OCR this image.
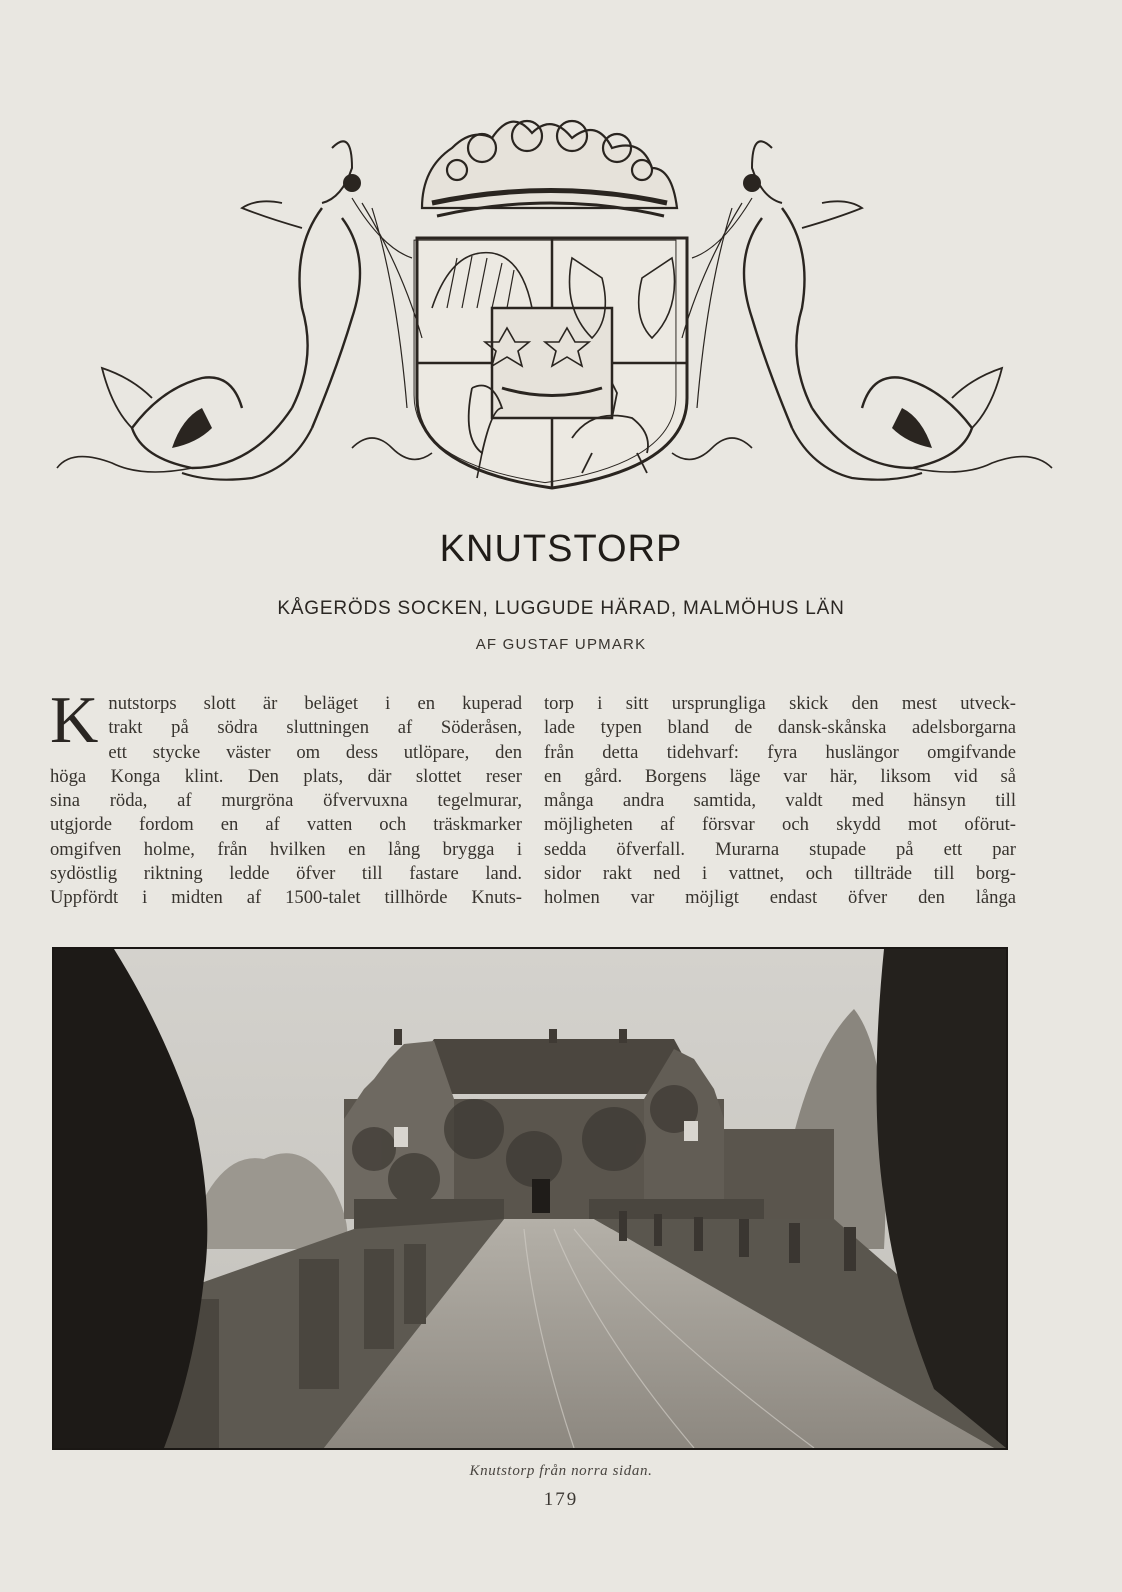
KNUTSTORP
KÅGERÖDS SOCKEN, LUGGUDE HÄRAD, MALMÖHUS LÄN
AF GUSTAF UPMARK
K nutstorps slott är beläget i en kuperad
trakt på södra sluttningen af Söderåsen,
ett stycke väster om dess utlöpare, den
höga Konga klint. Den plats, där slottet reser
sina röda, af murgröna öfvervuxna tegelmurar,
utgjorde fordom en af vatten och träskmarker
omgifven holme, från hvilken en lång brygga i
sydöstlig riktning ledde öfver till fastare land.
Uppfördt i midten af 1500-talet tillhörde Knuts-
torp i sitt ursprungliga skick den mest utveck-
lade typen bland de dansk-skånska adelsborgarna
från detta tidehvarf: fyra huslängor omgifvande
en gård. Borgens läge var här, liksom vid så
många andra samtida, valdt med hänsyn till
möjligheten af försvar och skydd mot oförut-
sedda öfverfall. Murarna stupade på ett par
sidor rakt ned i vattnet, och tillträde till borg-
holmen var möjligt endast öfver den långa
Knutstorp från norra sidan.
179
